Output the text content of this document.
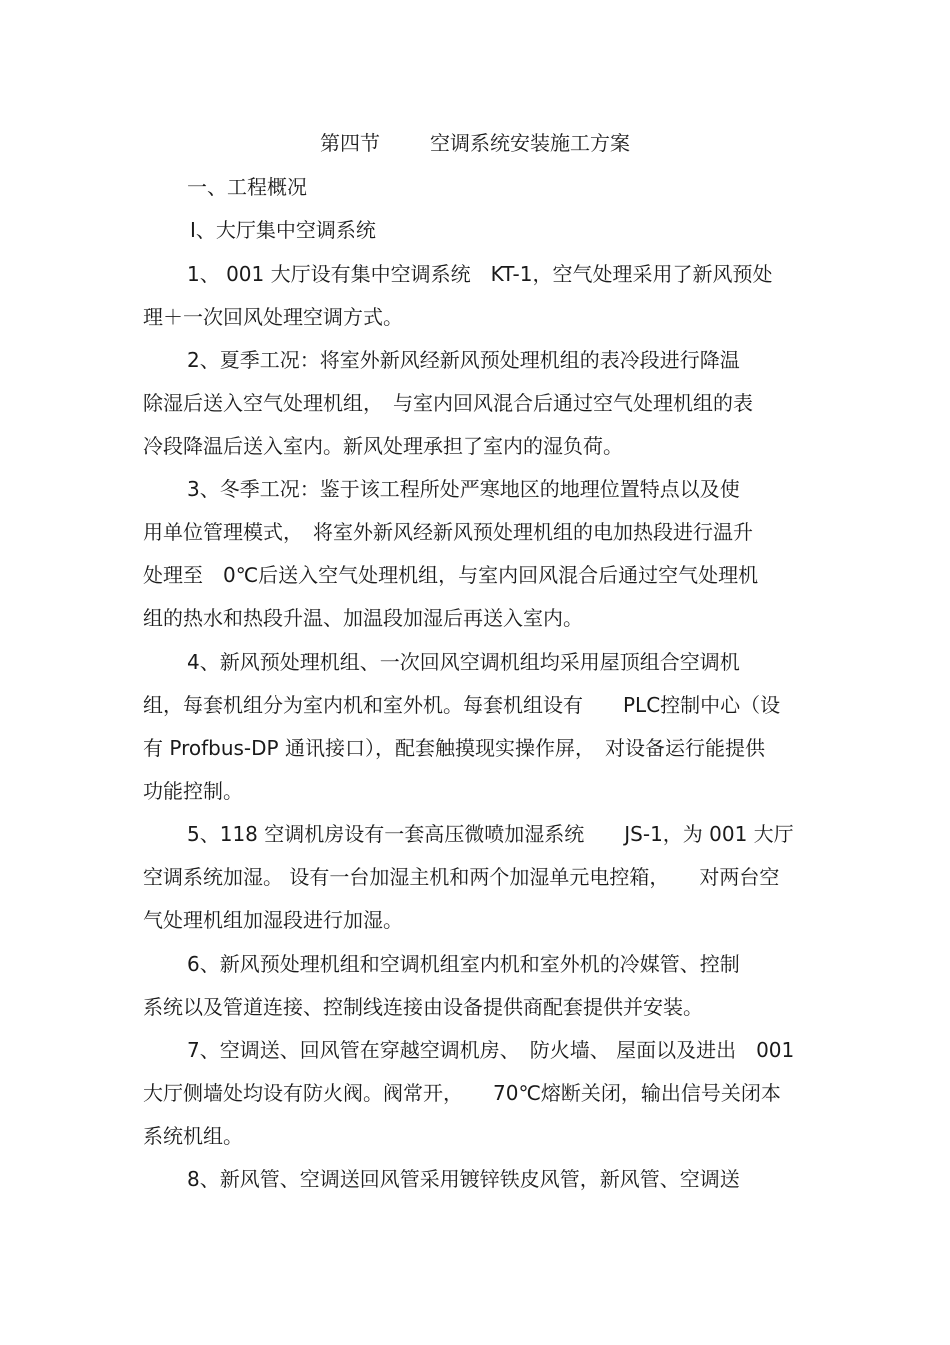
第四节	空调系统安装施工方案
一、工程概况
Ⅰ、大厅集中空调系统
1、 001 大厅设有集中空调系统　KT-1，空气处理采用了新风预处
理＋一次回风处理空调方式。
2、夏季工况：将室外新风经新风预处理机组的表冷段进行降温
除湿后送入空气处理机组，　与室内回风混合后通过空气处理机组的表
冷段降温后送入室内。新风处理承担了室内的湿负荷。
3、冬季工况：鉴于该工程所处严寒地区的地理位置特点以及使
用单位管理模式，　将室外新风经新风预处理机组的电加热段进行温升
处理至　0℃后送入空气处理机组，与室内回风混合后通过空气处理机
组的热水和热段升温、加温段加湿后再送入室内。
4、新风预处理机组、一次回风空调机组均采用屋顶组合空调机
组，每套机组分为室内机和室外机。每套机组设有　　PLC控制中心（设
有 Profbus-DP 通讯接口），配套触摸现实操作屏，　对设备运行能提供
功能控制。
5、118 空调机房设有一套高压微喷加湿系统　　JS-1，为 001 大厅
空调系统加湿。 设有一台加湿主机和两个加湿单元电控箱，　　对两台空
气处理机组加湿段进行加湿。
6、新风预处理机组和空调机组室内机和室外机的冷媒管、控制
系统以及管道连接、控制线连接由设备提供商配套提供并安装。
7、空调送、回风管在穿越空调机房、　防火墙、 屋面以及进出　001
大厅侧墙处均设有防火阀。阀常开，　　70℃熔断关闭，输出信号关闭本
系统机组。
8、新风管、空调送回风管采用镀锌铁皮风管，新风管、空调送
